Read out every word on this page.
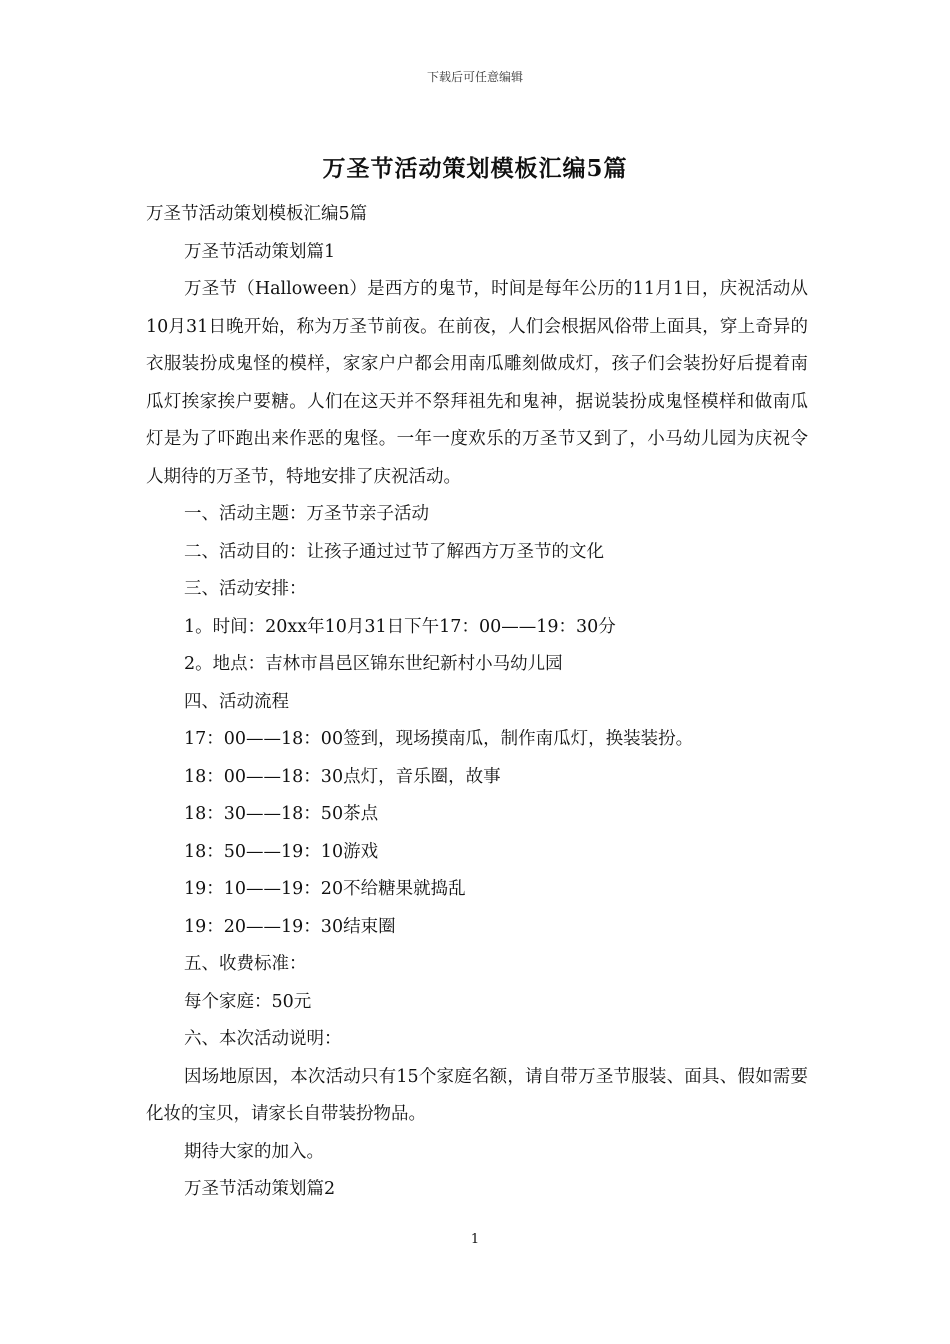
下载后可任意编辑
万圣节活动策划模板汇编5篇

万圣节活动策划模板汇编5篇

万圣节活动策划篇1

万圣节（Halloween）是西方的鬼节，时间是每年公历的11月1日，庆祝活动从10月31日晚开始，称为万圣节前夜。在前夜，人们会根据风俗带上面具，穿上奇异的衣服装扮成鬼怪的模样，家家户户都会用南瓜雕刻做成灯，孩子们会装扮好后提着南瓜灯挨家挨户要糖。人们在这天并不祭拜祖先和鬼神，据说装扮成鬼怪模样和做南瓜灯是为了吓跑出来作恶的鬼怪。一年一度欢乐的万圣节又到了，小马幼儿园为庆祝令人期待的万圣节，特地安排了庆祝活动。

一、活动主题：万圣节亲子活动

二、活动目的：让孩子通过过节了解西方万圣节的文化

三、活动安排：

1。时间：20xx年10月31日下午17：00——19：30分

2。地点：吉林市昌邑区锦东世纪新村小马幼儿园

四、活动流程

17：00——18：00签到，现场摸南瓜，制作南瓜灯，换装装扮。

18：00——18：30点灯，音乐圈，故事

18：30——18：50茶点

18：50——19：10游戏

19：10——19：20不给糖果就捣乱

19：20——19：30结束圈

五、收费标准：

每个家庭：50元

六、本次活动说明：

因场地原因，本次活动只有15个家庭名额，请自带万圣节服装、面具、假如需要化妆的宝贝，请家长自带装扮物品。

期待大家的加入。

万圣节活动策划篇2

1
